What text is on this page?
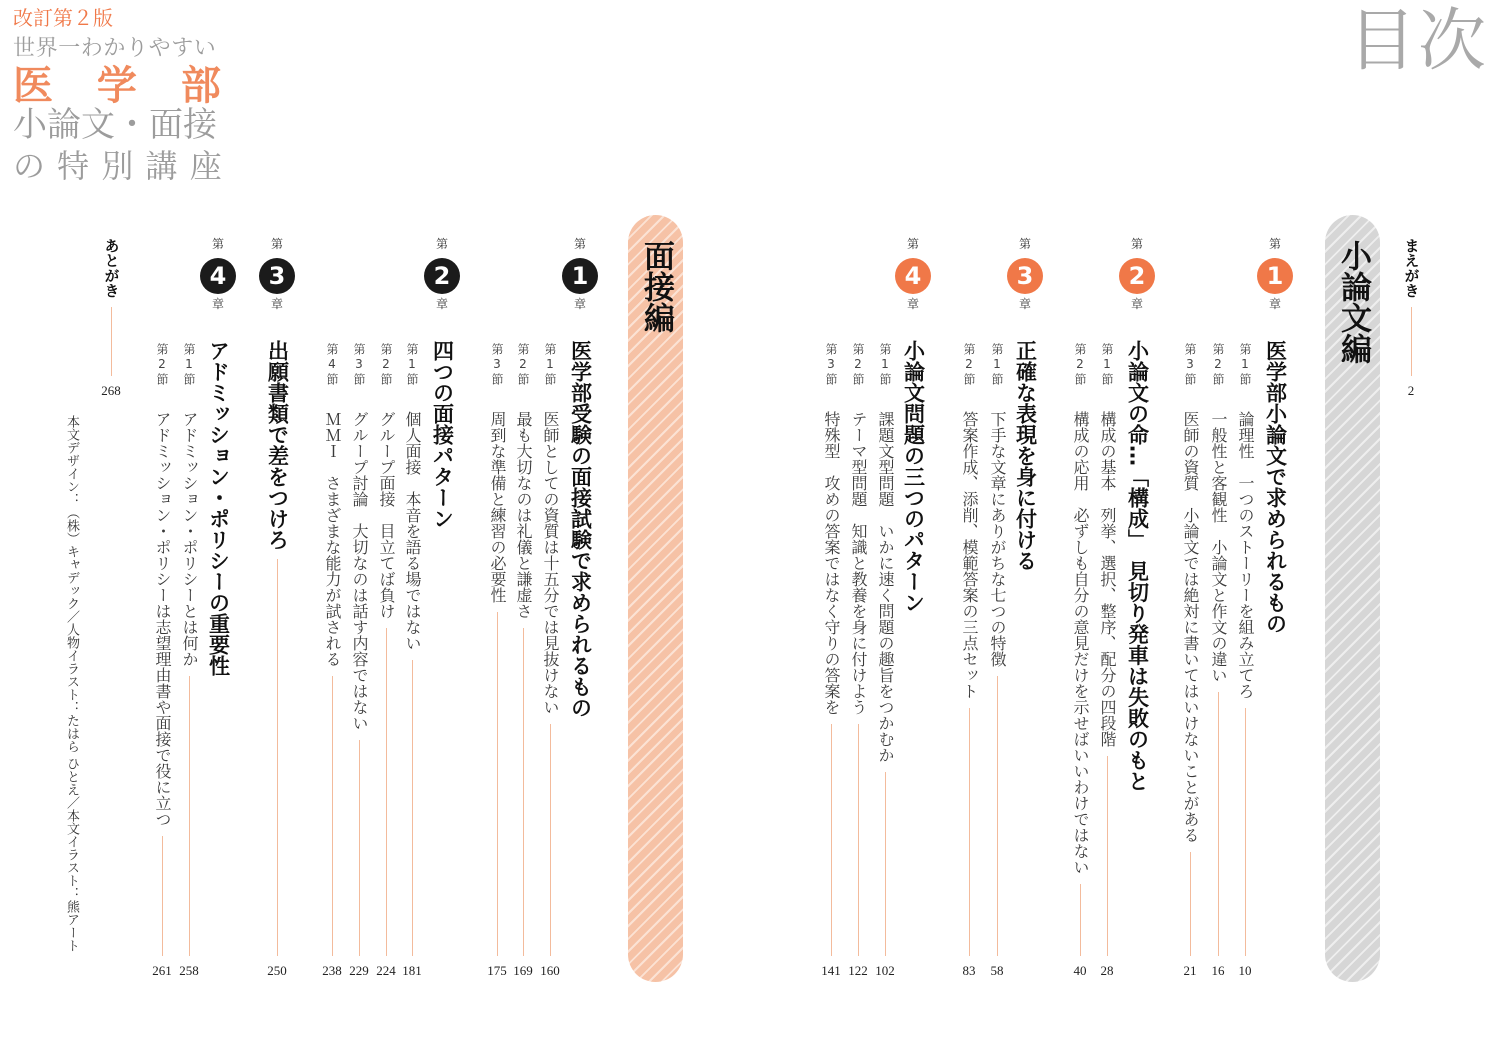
改訂第２版
世界一わかりやすい
医 学 部
小論文・面接
の 特 別 講 座
目次
まえがき
2
小論文編
第
1
章
医学部小論文で求められるもの
第1節
論理性　一つのストーリーを組み立てろ
10
第2節
一般性と客観性　小論文と作文の違い
16
第3節
医師の資質　小論文では絶対に書いてはいけないことがある
21
第
2
章
小論文の命…「構成」　見切り発車は失敗のもと
第1節
構成の基本　列挙、選択、整序、配分の四段階
28
第2節
構成の応用　必ずしも自分の意見だけを示せばいいわけではない
40
第
3
章
正確な表現を身に付ける
第1節
下手な文章にありがちな七つの特徴
58
第2節
答案作成、添削、模範答案の三点セット
83
第
4
章
小論文問題の三つのパターン
第1節
課題文型問題　いかに速く問題の趣旨をつかむか
102
第2節
テーマ型問題　知識と教養を身に付けよう
122
第3節
特殊型　攻めの答案ではなく守りの答案を
141
面接編
第
1
章
医学部受験の面接試験で求められるもの
第1節
医師としての資質は十五分では見抜けない
160
第2節
最も大切なのは礼儀と謙虚さ
169
第3節
周到な準備と練習の必要性
175
第
2
章
四つの面接パターン
第1節
個人面接　本音を語る場ではない
181
第2節
グループ面接　目立てば負け
224
第3節
グループ討論　大切なのは話す内容ではない
229
第4節
ＭＭＩ　さまざまな能力が試される
238
第
3
章
出願書類で差をつけろ
250
第
4
章
アドミッション・ポリシーの重要性
第1節
アドミッション・ポリシーとは何か
258
第2節
アドミッション・ポリシーは志望理由書や面接で役に立つ
261
あとがき
268
本文デザイン：（株）キャデック／人物イラスト：たはら ひとえ／本文イラスト：熊アート
